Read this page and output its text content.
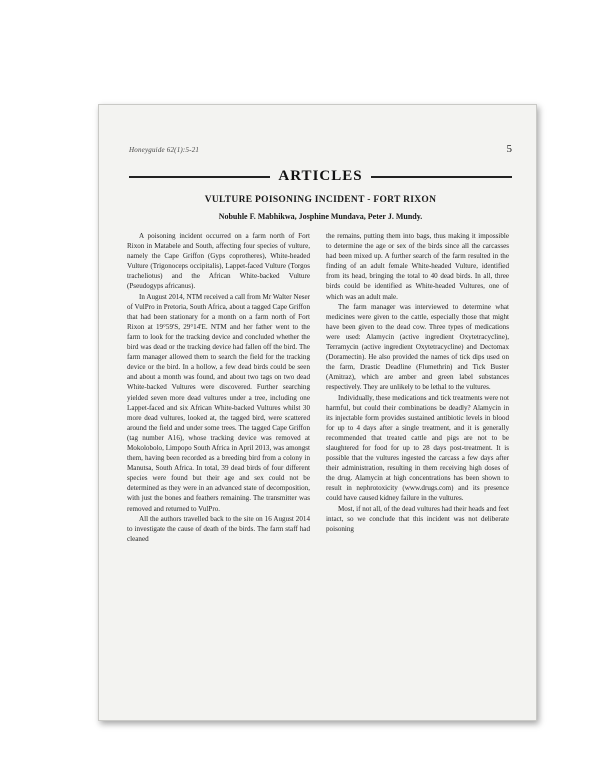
Honeyguide 62(1):5-21	5
ARTICLES
VULTURE POISONING INCIDENT - FORT RIXON
Nobuhle F. Mabhikwa, Josphine Mundava, Peter J. Mundy.

A poisoning incident occurred on a farm north of Fort Rixon in Matabele and South, affecting four species of vulture, namely the Cape Griffon (Gyps coprotheres), White-headed Vulture (Trigonoceps occipitalis), Lappet-faced Vulture (Torgos tracheliotus) and the African White-backed Vulture (Pseudogyps africanus).

In August 2014, NTM received a call from Mr Walter Neser of VulPro in Pretoria, South Africa, about a tagged Cape Griffon that had been stationary for a month on a farm north of Fort Rixon at 19°59'S, 29°14'E. NTM and her father went to the farm to look for the tracking device and concluded whether the bird was dead or the tracking device had fallen off the bird. The farm manager allowed them to search the field for the tracking device or the bird. In a hollow, a few dead birds could be seen and about a month was found, and about two tags on two dead White-backed Vultures were discovered. Further searching yielded seven more dead vultures under a tree, including one Lappet-faced and six African White-backed Vultures whilst 30 more dead vultures, looked at, the tagged bird, were scattered around the field and under some trees. The tagged Cape Griffon (tag number A16), whose tracking device was removed at Mokolobolo, Limpopo South Africa in April 2013, was amongst them, having been recorded as a breeding bird from a colony in Manutsa, South Africa. In total, 39 dead birds of four different species were found but their age and sex could not be determined as they were in an advanced state of decomposition, with just the bones and feathers remaining. The transmitter was removed and returned to VulPro.

All the authors travelled back to the site on 16 August 2014 to investigate the cause of death of the birds. The farm staff had cleaned

the remains, putting them into bags, thus making it impossible to determine the age or sex of the birds since all the carcasses had been mixed up. A further search of the farm resulted in the finding of an adult female White-headed Vulture, identified from its head, bringing the total to 40 dead birds. In all, three birds could be identified as White-headed Vultures, one of which was an adult male.

The farm manager was interviewed to determine what medicines were given to the cattle, especially those that might have been given to the dead cow. Three types of medications were used: Alamycin (active ingredient Oxytetracycline), Terramycin (active ingredient Oxytetracycline) and Dectomax (Doramectin). He also provided the names of tick dips used on the farm, Drastic Deadline (Flumethrin) and Tick Buster (Amitraz), which are amber and green label substances respectively. They are unlikely to be lethal to the vultures.

Individually, these medications and tick treatments were not harmful, but could their combinations be deadly? Alamycin in its injectable form provides sustained antibiotic levels in blood for up to 4 days after a single treatment, and it is generally recommended that treated cattle and pigs are not to be slaughtered for food for up to 28 days post-treatment. It is possible that the vultures ingested the carcass a few days after their administration, resulting in them receiving high doses of the drug. Alamycin at high concentrations has been shown to result in nephrotoxicity (www.drugs.com) and its presence could have caused kidney failure in the vultures.

Most, if not all, of the dead vultures had their heads and feet intact, so we conclude that this incident was not deliberate poisoning
